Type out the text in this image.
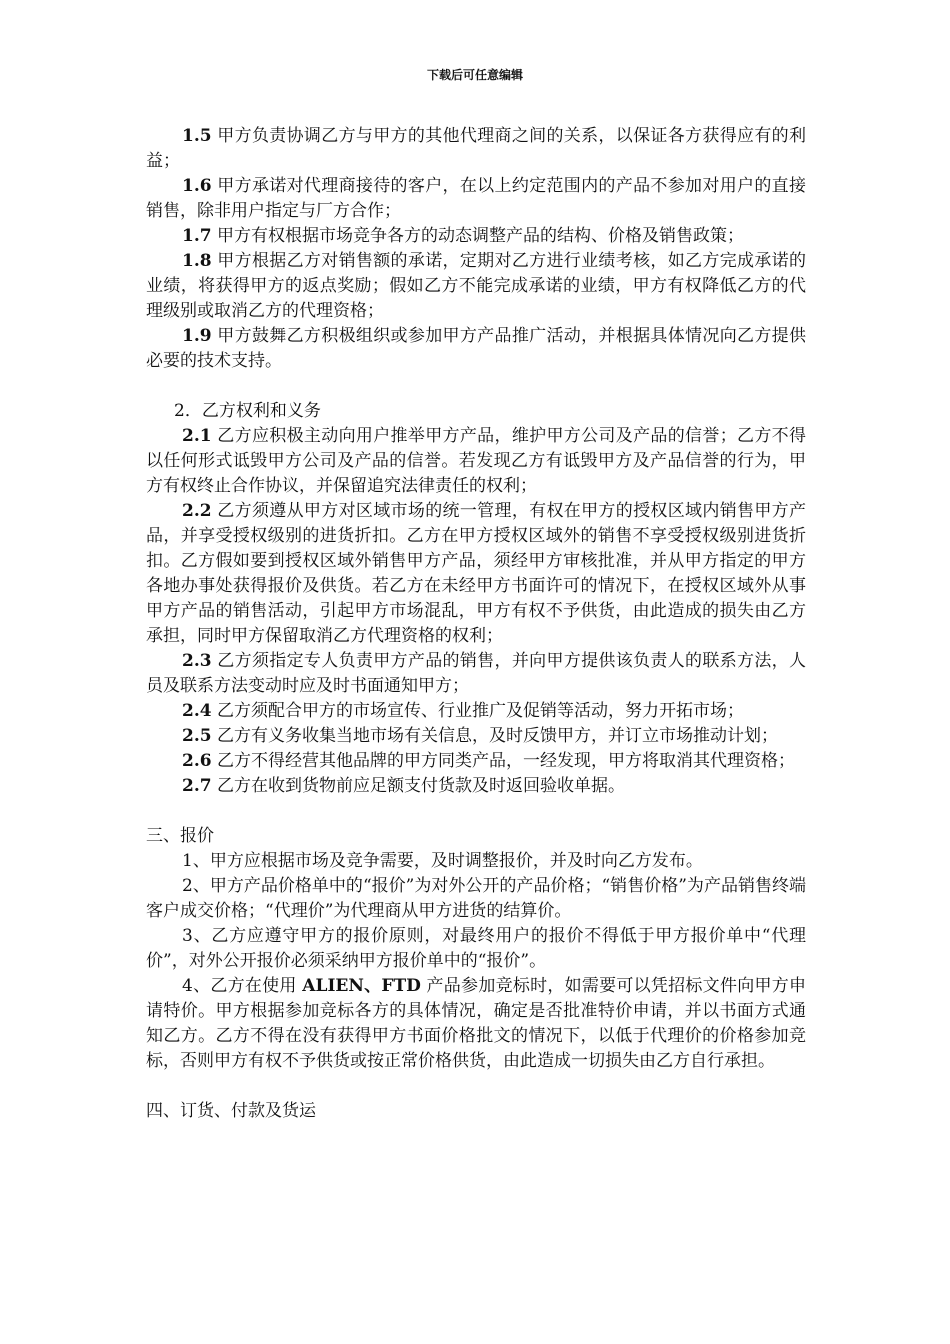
下载后可任意编辑

1.5 甲方负责协调乙方与甲方的其他代理商之间的关系，以保证各方获得应有的利益；

1.6 甲方承诺对代理商接待的客户，在以上约定范围内的产品不参加对用户的直接销售，除非用户指定与厂方合作；

1.7 甲方有权根据市场竞争各方的动态调整产品的结构、价格及销售政策；

1.8 甲方根据乙方对销售额的承诺，定期对乙方进行业绩考核，如乙方完成承诺的业绩，将获得甲方的返点奖励；假如乙方不能完成承诺的业绩，甲方有权降低乙方的代理级别或取消乙方的代理资格；

1.9 甲方鼓舞乙方积极组织或参加甲方产品推广活动，并根据具体情况向乙方提供必要的技术支持。

2．乙方权利和义务

2.1 乙方应积极主动向用户推举甲方产品，维护甲方公司及产品的信誉；乙方不得以任何形式诋毁甲方公司及产品的信誉。若发现乙方有诋毁甲方及产品信誉的行为，甲方有权终止合作协议，并保留追究法律责任的权利；

2.2 乙方须遵从甲方对区域市场的统一管理，有权在甲方的授权区域内销售甲方产品，并享受授权级别的进货折扣。乙方在甲方授权区域外的销售不享受授权级别进货折扣。乙方假如要到授权区域外销售甲方产品，须经甲方审核批准，并从甲方指定的甲方各地办事处获得报价及供货。若乙方在未经甲方书面许可的情况下，在授权区域外从事甲方产品的销售活动，引起甲方市场混乱，甲方有权不予供货，由此造成的损失由乙方承担，同时甲方保留取消乙方代理资格的权利；

2.3 乙方须指定专人负责甲方产品的销售，并向甲方提供该负责人的联系方法，人员及联系方法变动时应及时书面通知甲方；

2.4 乙方须配合甲方的市场宣传、行业推广及促销等活动，努力开拓市场；

2.5 乙方有义务收集当地市场有关信息，及时反馈甲方，并订立市场推动计划；

2.6 乙方不得经营其他品牌的甲方同类产品，一经发现，甲方将取消其代理资格；

2.7 乙方在收到货物前应足额支付货款及时返回验收单据。

三、报价

1、甲方应根据市场及竞争需要，及时调整报价，并及时向乙方发布。

2、甲方产品价格单中的“报价”为对外公开的产品价格；“销售价格”为产品销售终端客户成交价格；“代理价”为代理商从甲方进货的结算价。

3、乙方应遵守甲方的报价原则，对最终用户的报价不得低于甲方报价单中“代理价”，对外公开报价必须采纳甲方报价单中的“报价”。

4、乙方在使用 ALIEN、FTD 产品参加竞标时，如需要可以凭招标文件向甲方申请特价。甲方根据参加竞标各方的具体情况，确定是否批准特价申请，并以书面方式通知乙方。乙方不得在没有获得甲方书面价格批文的情况下，以低于代理价的价格参加竞标，否则甲方有权不予供货或按正常价格供货，由此造成一切损失由乙方自行承担。

四、订货、付款及货运
